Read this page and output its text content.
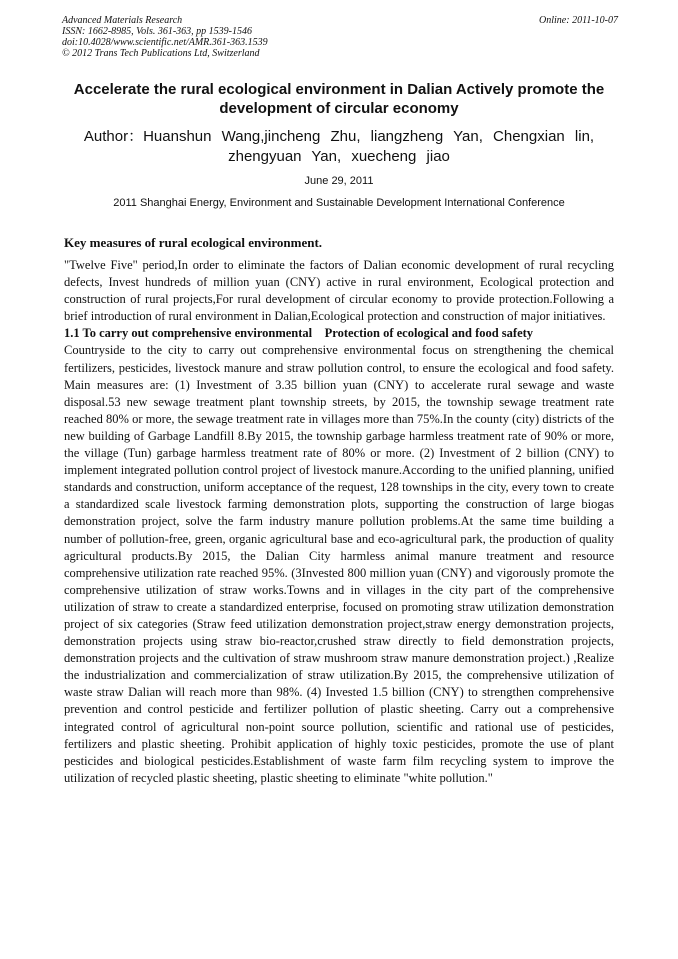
Advanced Materials Research	Online: 2011-10-07
ISSN: 1662-8985, Vols. 361-363, pp 1539-1546
doi:10.4028/www.scientific.net/AMR.361-363.1539
© 2012 Trans Tech Publications Ltd, Switzerland
Accelerate the rural ecological environment in Dalian Actively promote the development of circular economy
Author：Huanshun Wang,jincheng Zhu, liangzheng Yan, Chengxian lin, zhengyuan Yan, xuecheng jiao
June 29, 2011
2011 Shanghai Energy, Environment and Sustainable Development International Conference
Key measures of rural ecological environment.

"Twelve Five" period,In order to eliminate the factors of Dalian economic development of rural recycling defects, Invest hundreds of million yuan (CNY) active in rural environment, Ecological protection and construction of rural projects,For rural development of circular economy to provide protection.Following a brief introduction of rural environment in Dalian,Ecological protection and construction of major initiatives.

1.1 To carry out comprehensive environmental    Protection of ecological and food safety

Countryside to the city to carry out comprehensive environmental focus on strengthening the chemical fertilizers, pesticides, livestock manure and straw pollution control, to ensure the ecological and food safety. Main measures are: (1) Investment of 3.35 billion yuan (CNY) to accelerate rural sewage and waste disposal.53 new sewage treatment plant township streets, by 2015, the township sewage treatment rate reached 80% or more, the sewage treatment rate in villages more than 75%.In the county (city) districts of the new building of Garbage Landfill 8.By 2015, the township garbage harmless treatment rate of 90% or more, the village (Tun) garbage harmless treatment rate of 80% or more. (2) Investment of 2 billion (CNY) to implement integrated pollution control project of livestock manure.According to the unified planning, unified standards and construction, uniform acceptance of the request, 128 townships in the city, every town to create a standardized scale livestock farming demonstration plots, supporting the construction of large biogas demonstration project, solve the farm industry manure pollution problems.At the same time building a number of pollution-free, green, organic agricultural base and eco-agricultural park, the production of quality agricultural products.By 2015, the Dalian City harmless animal manure treatment and resource comprehensive utilization rate reached 95%. (3Invested 800 million yuan (CNY) and vigorously promote the comprehensive utilization of straw works.Towns and in villages in the city part of the comprehensive utilization of straw to create a standardized enterprise, focused on promoting straw utilization demonstration project of six categories (Straw feed utilization demonstration project,straw energy demonstration projects, demonstration projects using straw bio-reactor,crushed straw directly to field demonstration projects, demonstration projects and the cultivation of straw mushroom straw manure demonstration project.) ,Realize the industrialization and commercialization of straw utilization.By 2015, the comprehensive utilization of waste straw Dalian will reach more than 98%. (4) Invested 1.5 billion (CNY) to strengthen comprehensive prevention and control pesticide and fertilizer pollution of plastic sheeting. Carry out a comprehensive integrated control of agricultural non-point source pollution, scientific and rational use of pesticides, fertilizers and plastic sheeting. Prohibit application of highly toxic pesticides, promote the use of plant pesticides and biological pesticides.Establishment of waste farm film recycling system to improve the utilization of recycled plastic sheeting, plastic sheeting to eliminate "white pollution."
